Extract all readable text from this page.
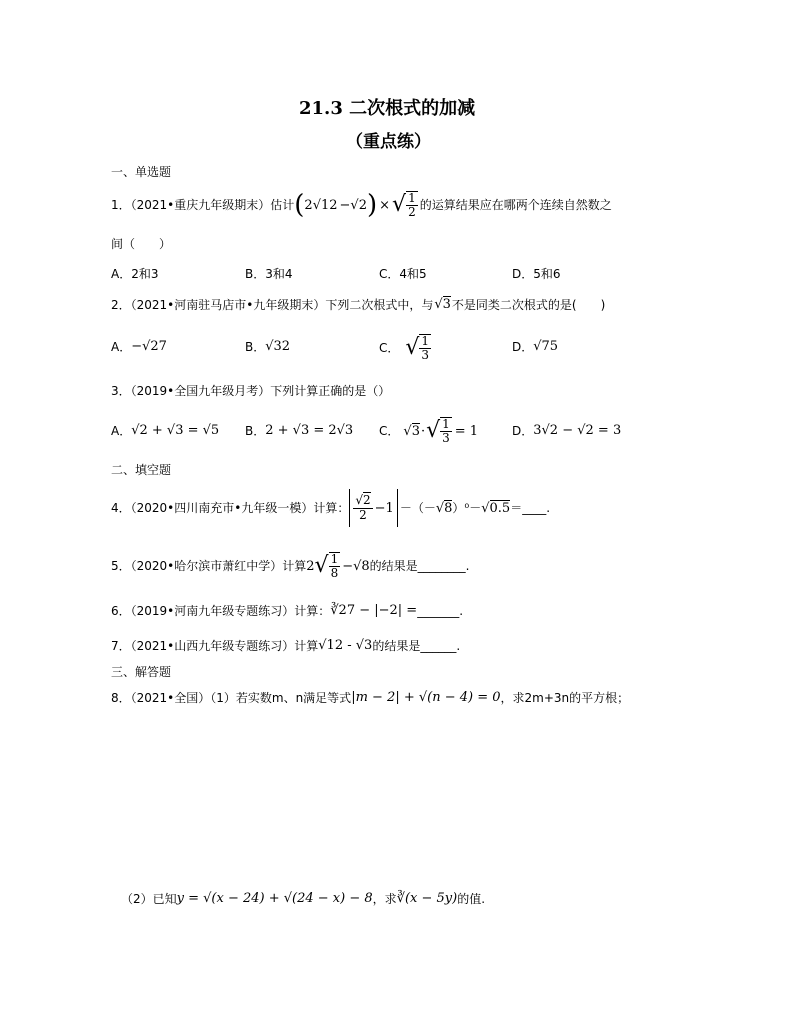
21.3 二次根式的加减
（重点练）
一、单选题
1．（2021•重庆九年级期末）估计 ( 2√12 −√2 ) × √ $\frac{1}{2}$ 的运算结果应在哪两个连续自然数之
间（　　）
A．2和3	B．3和4	C．4和5	D．5和6
2．（2021•河南驻马店市•九年级期末）下列二次根式中，与 √3 不是同类二次根式的是(　　)
A． −√27	B． √32	C． √ $\frac{1}{3}$	D． √75
3．（2019•全国九年级月考）下列计算正确的是（）
A． √2 + √3 = √5 B． 2 + √3 = 2√3 C． √3 · √ $\frac{1}{3} = 1$	D． 3√2 − √2 = 3
二、填空题
4．（2020•四川南充市•九年级一模）计算： $\frac{√2}{2} -1$ －（－ √8 ）⁰－ √0.5 ＝____.
5．（2020•哈尔滨市萧红中学）计算 2 √ $\frac{1}{8} -√8$ 的结果是________.
6．（2019•河南九年级专题练习）计算： ∛27 − |−2| = _______.
7．（2021•山西九年级专题练习）计算 √12 - √3 的结果是______.
三、解答题
8．（2021•全国）（1）若实数m、n满足等式 |m − 2| + √(n − 4) = 0 ，求2m+3n的平方根；
（2）已知 y = √(x − 24) + √(24 − x) − 8 ，求 ∛(x − 5y) 的值.
